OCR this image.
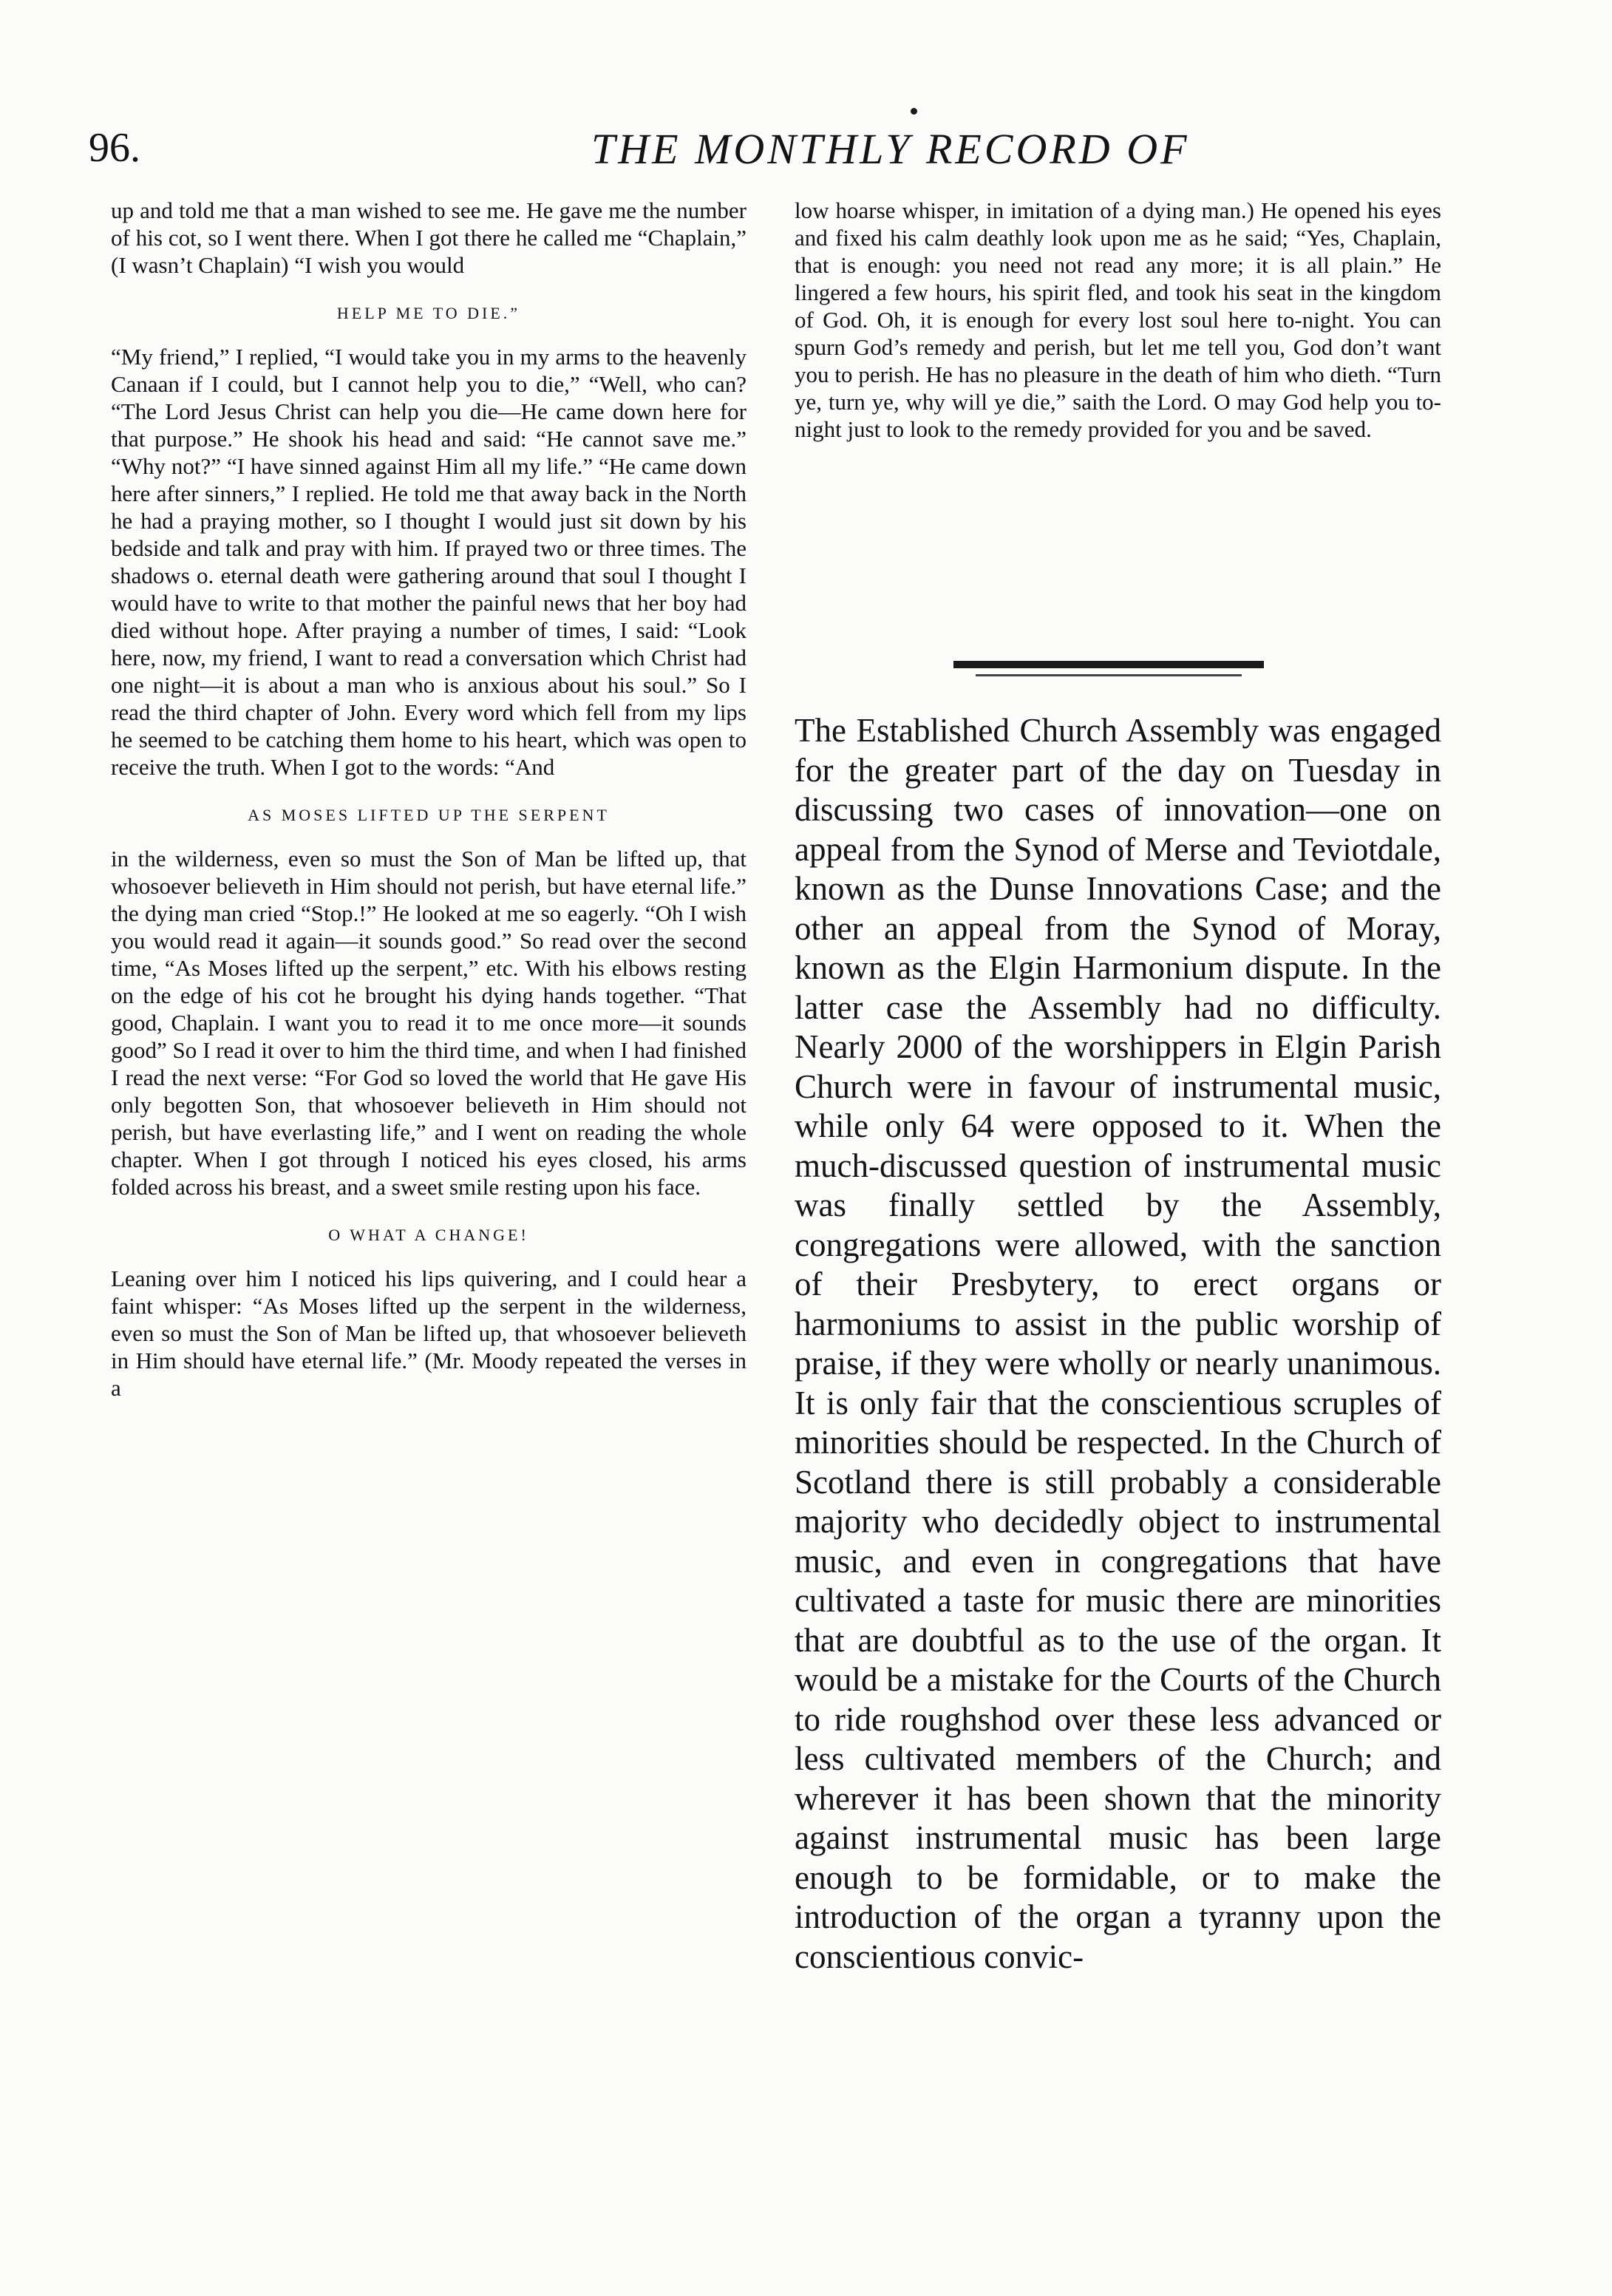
96.	THE MONTHLY RECORD OF

up and told me that a man wished to see me. He gave me the number of his cot, so I went there. When I got there he called me “Chaplain,” (I wasn’t Chaplain) “I wish you would

HELP ME TO DIE.”

“My friend,” I replied, “I would take you in my arms to the heavenly Canaan if I could, but I cannot help you to die,” “Well, who can? “The Lord Jesus Christ can help you die—He came down here for that purpose.” He shook his head and said: “He cannot save me.” “Why not?” “I have sinned against Him all my life.” “He came down here after sinners,” I replied. He told me that away back in the North he had a praying mother, so I thought I would just sit down by his bedside and talk and pray with him. If prayed two or three times. The shadows o. eternal death were gathering around that soul I thought I would have to write to that mother the painful news that her boy had died without hope. After praying a number of times, I said: “Look here, now, my friend, I want to read a conversation which Christ had one night—it is about a man who is anxious about his soul.” So I read the third chapter of John. Every word which fell from my lips he seemed to be catching them home to his heart, which was open to receive the truth. When I got to the words: “And

AS MOSES LIFTED UP THE SERPENT

in the wilderness, even so must the Son of Man be lifted up, that whosoever believeth in Him should not perish, but have eternal life.” the dying man cried “Stop.!” He looked at me so eagerly. “Oh I wish you would read it again—it sounds good.” So read over the second time, “As Moses lifted up the serpent,” etc. With his elbows resting on the edge of his cot he brought his dying hands together. “That good, Chaplain. I want you to read it to me once more—it sounds good” So I read it over to him the third time, and when I had finished I read the next verse: “For God so loved the world that He gave His only begotten Son, that whosoever believeth in Him should not perish, but have everlasting life,” and I went on reading the whole chapter. When I got through I noticed his eyes closed, his arms folded across his breast, and a sweet smile resting upon his face.

O WHAT A CHANGE!

Leaning over him I noticed his lips quivering, and I could hear a faint whisper: “As Moses lifted up the serpent in the wilderness, even so must the Son of Man be lifted up, that whosoever believeth in Him should have eternal life.” (Mr. Moody repeated the verses in a

low hoarse whisper, in imitation of a dying man.) He opened his eyes and fixed his calm deathly look upon me as he said; “Yes, Chaplain, that is enough: you need not read any more; it is all plain.” He lingered a few hours, his spirit fled, and took his seat in the kingdom of God. Oh, it is enough for every lost soul here to-night. You can spurn God’s remedy and perish, but let me tell you, God don’t want you to perish. He has no pleasure in the death of him who dieth. “Turn ye, turn ye, why will ye die,” saith the Lord. O may God help you to-night just to look to the remedy provided for you and be saved.

The Established Church Assembly was engaged for the greater part of the day on Tuesday in discussing two cases of innovation—one on appeal from the Synod of Merse and Teviotdale, known as the Dunse Innovations Case; and the other an appeal from the Synod of Moray, known as the Elgin Harmonium dispute. In the latter case the Assembly had no difficulty. Nearly 2000 of the worshippers in Elgin Parish Church were in favour of instrumental music, while only 64 were opposed to it. When the much-discussed question of instrumental music was finally settled by the Assembly, congregations were allowed, with the sanction of their Presbytery, to erect organs or harmoniums to assist in the public worship of praise, if they were wholly or nearly unanimous. It is only fair that the conscientious scruples of minorities should be respected. In the Church of Scotland there is still probably a considerable majority who decidedly object to instrumental music, and even in congregations that have cultivated a taste for music there are minorities that are doubtful as to the use of the organ. It would be a mistake for the Courts of the Church to ride roughshod over these less advanced or less cultivated members of the Church; and wherever it has been shown that the minority against instrumental music has been large enough to be formidable, or to make the introduction of the organ a tyranny upon the conscientious convic-
